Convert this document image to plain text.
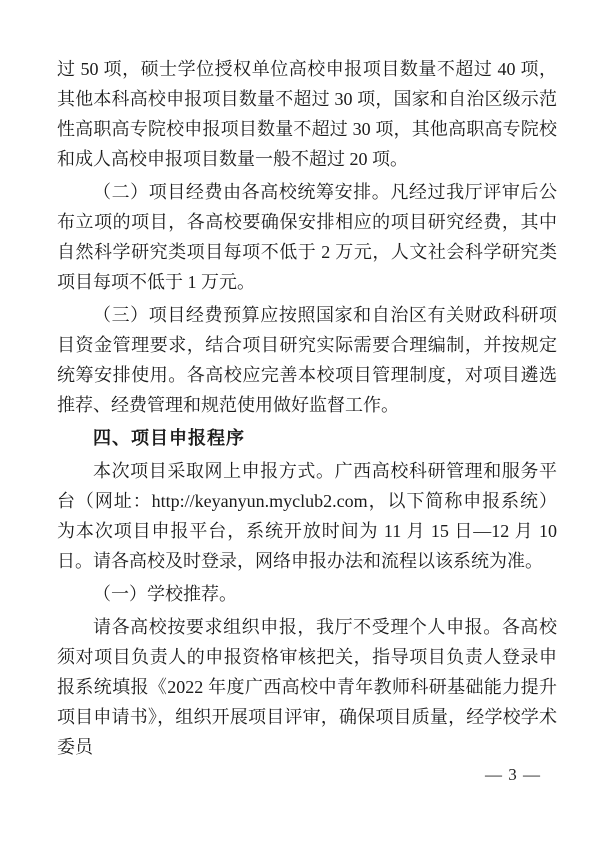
过 50 项，硕士学位授权单位高校申报项目数量不超过 40 项，其他本科高校申报项目数量不超过 30 项，国家和自治区级示范性高职高专院校申报项目数量不超过 30 项，其他高职高专院校和成人高校申报项目数量一般不超过 20 项。

（二）项目经费由各高校统筹安排。凡经过我厅评审后公布立项的项目，各高校要确保安排相应的项目研究经费，其中自然科学研究类项目每项不低于 2 万元，人文社会科学研究类项目每项不低于 1 万元。

（三）项目经费预算应按照国家和自治区有关财政科研项目资金管理要求，结合项目研究实际需要合理编制，并按规定统筹安排使用。各高校应完善本校项目管理制度，对项目遴选推荐、经费管理和规范使用做好监督工作。

四、项目申报程序

本次项目采取网上申报方式。广西高校科研管理和服务平台（网址：http://keyanyun.myclub2.com，以下简称申报系统）为本次项目申报平台，系统开放时间为 11 月 15 日—12 月 10 日。请各高校及时登录，网络申报办法和流程以该系统为准。

（一）学校推荐。

请各高校按要求组织申报，我厅不受理个人申报。各高校须对项目负责人的申报资格审核把关，指导项目负责人登录申报系统填报《2022 年度广西高校中青年教师科研基础能力提升项目申请书》，组织开展项目评审，确保项目质量，经学校学术委员

— 3 —
